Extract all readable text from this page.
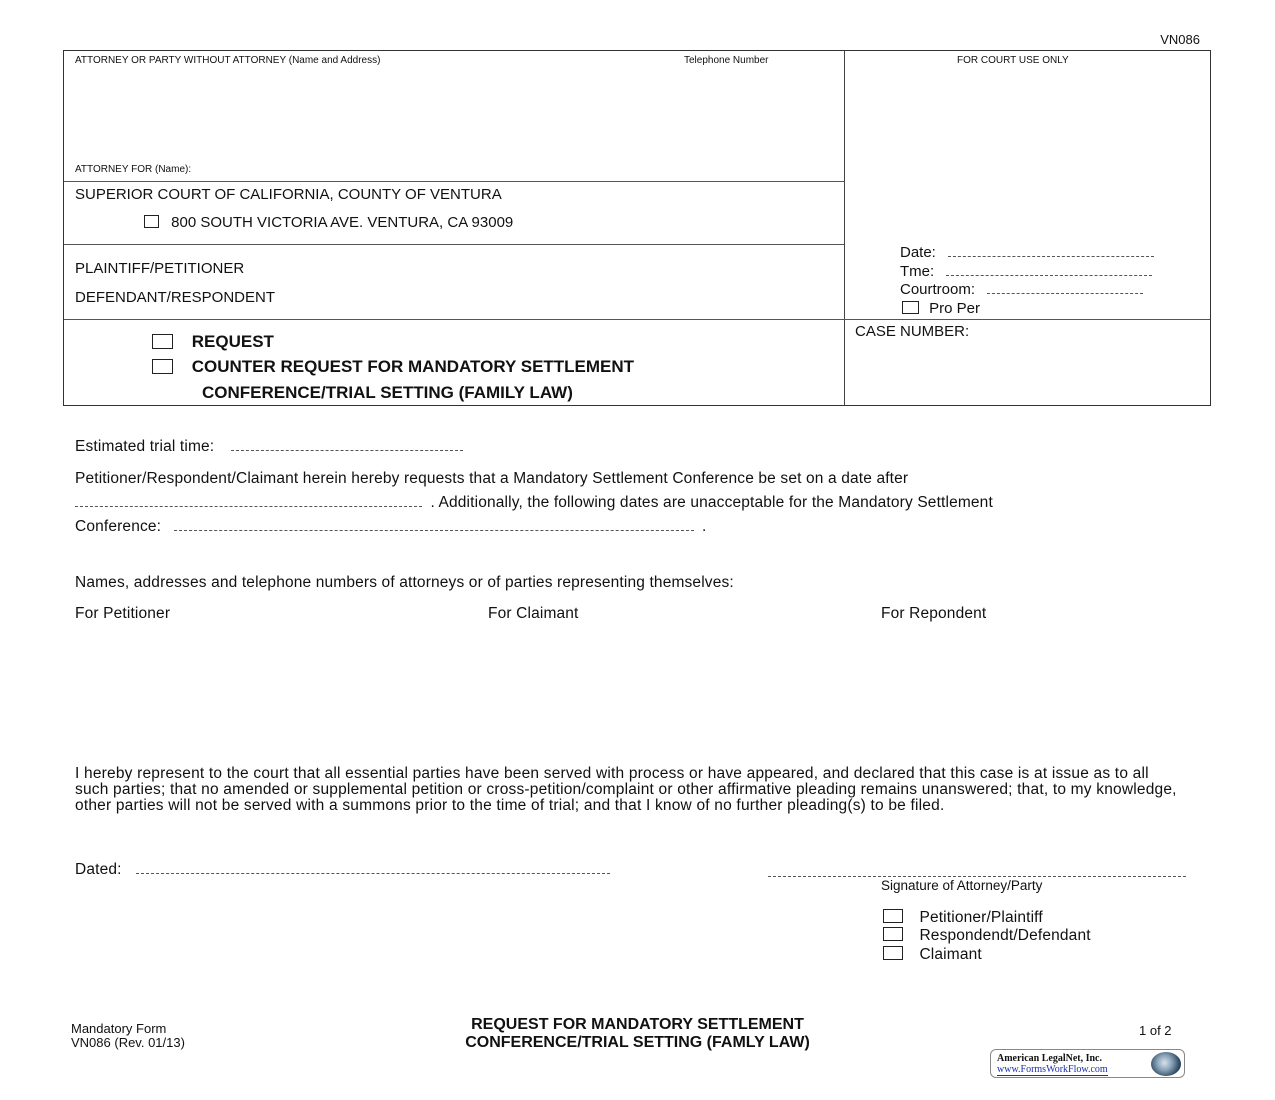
VN086
ATTORNEY OR PARTY WITHOUT ATTORNEY (Name and Address)	Telephone Number
ATTORNEY FOR (Name):
FOR COURT USE ONLY
SUPERIOR COURT OF CALIFORNIA, COUNTY OF VENTURA
800 SOUTH VICTORIA AVE. VENTURA, CA 93009
PLAINTIFF/PETITIONER
DEFENDANT/RESPONDENT
Date:
Tme:
Courtroom:
Pro Per
CASE NUMBER:
REQUEST
COUNTER REQUEST FOR MANDATORY SETTLEMENT
CONFERENCE/TRIAL SETTING (FAMILY LAW)
Estimated trial time:
Petitioner/Respondent/Claimant herein hereby requests that a Mandatory Settlement Conference be set on a date after
. Additionally, the following dates are unacceptable for the Mandatory Settlement
Conference:	.
Names, addresses and telephone numbers of attorneys or of parties representing themselves:
For Petitioner	For Claimant	For Repondent
I hereby represent to the court that all essential parties have been served with process or have appeared, and declared that this case is at issue as to all such parties; that no amended or supplemental petition or cross-petition/complaint or other affirmative pleading remains unanswered; that, to my knowledge, other parties will not be served with a summons prior to the time of trial; and that I know of no further pleading(s) to be filed.
Dated:
Signature of Attorney/Party
Petitioner/Plaintiff
Respondendt/Defendant
Claimant
Mandatory Form
VN086 (Rev. 01/13)
REQUEST FOR MANDATORY SETTLEMENT
CONFERENCE/TRIAL SETTING (FAMLY LAW)
1 of 2
American LegalNet, Inc.
www.FormsWorkFlow.com
